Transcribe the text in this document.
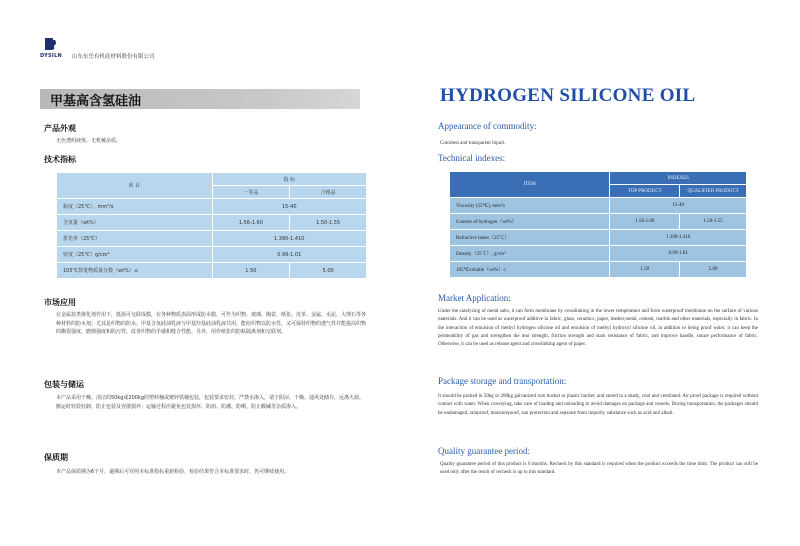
DYSILN 山东东岳有机硅材料股份有限公司
甲基高含氢硅油
产品外观
无色透明液体，无机械杂质。
技术指标
项 目	指 标	
	一等品	合格品
粘度（25℃），mm²/s	15-40	
含氢量（wt%）	1.56-1.60	1.50-1.55
折光率（25℃）	1.390-1.410	
密度（25℃）g/cm³	0.99-1.01	
105℃挥发物质量分数（wt%）≤	1.50	5.00
市场应用
在金属盐类催化剂作用下，低温可交联成膜，在各种物质表面形成防水膜，可作为织物、玻璃、陶瓷、纸张、皮革、金属、水泥、大理石等各种材料的防水剂；尤其是织物的防水。甲基含氢硅油乳液与甲基羟基硅油乳液共用，能给织物以防水性，又可保持织物的透气性并能提高织物的撕裂强度、磨擦强度和防污性，改善织物的手感和缝合性能。另外，用作纸张的防粘隔离剂和交联剂。
包装与储运
本产品采用干燥、清洁的50kg或200kg的塑料桶或镀锌铁桶包装，包装要求密封，严禁水渗入，请于阴凉、干燥、通风处储存，远离火源。搬运时轻装轻卸，防止包装及容器损坏；运输过程应避免包装损坏、防雨、防潮、防晒，防止酸碱等杂质渗入。
保质期
本产品保质期为6个月，逾期后可对照本标准指标重新检验，检验结果符合本标准要求时，仍可继续使用。
HYDROGEN SILICONE OIL
Appearance of commodity:
Colorless and transparent liquid.
Technical indexes:
ITEM	INDEXES	
	TOP PRODUCT	QUALIFIED PRODUCT
Viscosity (25℃), mm²/s	15-40	
Content of hydrogen（wt%）	1.56-1.60	1.50-1.55
Refractive index（25℃）	1.390-1.410	
Density（25℃）, g/cm³	0.99-1.01	
105℃volatile（wt%）≤	1.50	5.00
Market Application:
Under the catalyzing of metal salts, it can form membrane by crosslinking in the lower temperature and form waterproof membrane on the surface of various materials. And it can be used as waterproof additive in fabric, glass, ceramics, paper, leather,metal, cement, marble and other materials, especially in fabric. In the interaction of emulsion of methyl hydrogen silicone oil and emulsion of methyl hydroxyl silicone oil, in addition to being proof water, it can keep the permeability of gas and strengthen the tear strength, friction strength and stain resistance of fabric, and improve handle, suture performance of fabric. Otherwise, it can be used as release agent and crosslinking agent of paper.
Package storage and transportation:
It should be packed in 50kg or 200kg galvanized iron bucket or plastic bucket, and stored in a shady, cool and ventilated. Air proof package is required without contact with water. When conveying, take care of loading and unloading to avoid damages on package and vessels. During transportation, the packages should be undamaged, rainproof, moistureproof, sun protection and separate from impurity substance such as acid and alkali.
Quality guarantee period:
Quality guarantee period of this product is 6 months. Recheck by this standard is required when the product exceeds the time limit. The product can still be used only after the result of recheck is up to this standard.
